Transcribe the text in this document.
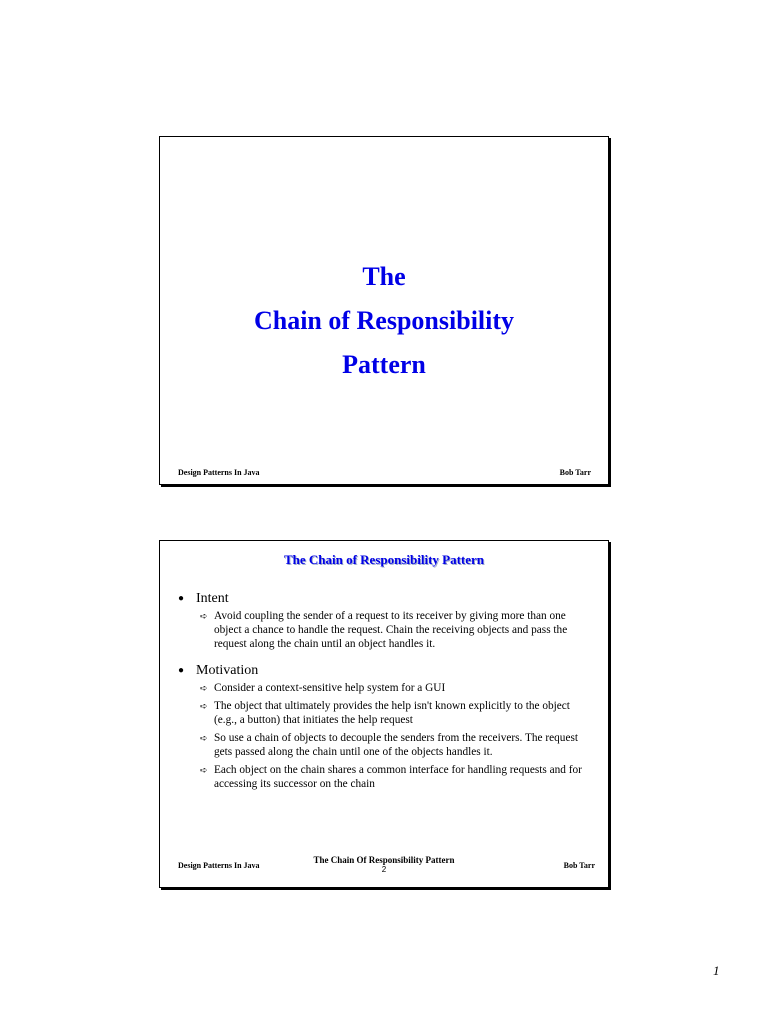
The
Chain of Responsibility
Pattern
Design Patterns In Java	Bob Tarr
The Chain of Responsibility Pattern
● Intent
➪ Avoid coupling the sender of a request to its receiver by giving more than one object a chance to handle the request. Chain the receiving objects and pass the request along the chain until an object handles it.
● Motivation
➪ Consider a context-sensitive help system for a GUI
➪ The object that ultimately provides the help isn't known explicitly to the object (e.g., a button) that initiates the help request
➪ So use a chain of objects to decouple the senders from the receivers. The request gets passed along the chain until one of the objects handles it.
➪ Each object on the chain shares a common interface for handling requests and for accessing its successor on the chain
Design Patterns In Java
The Chain Of Responsibility Pattern
2	Bob Tarr
1
